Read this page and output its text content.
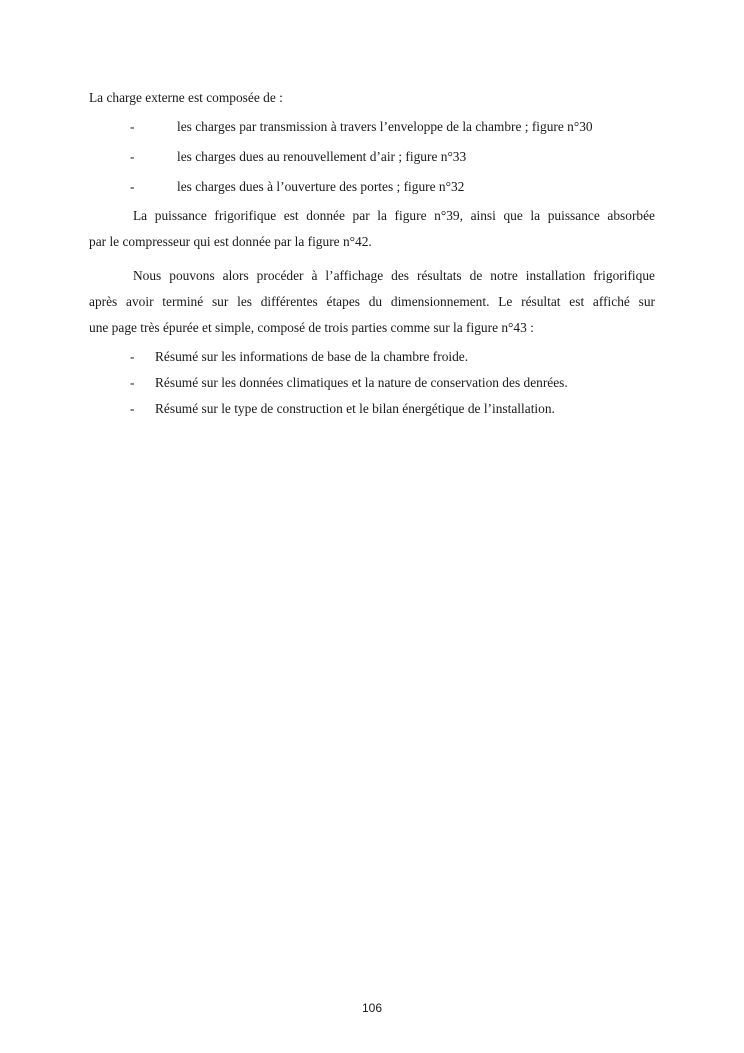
La charge externe est composée de :

-	les charges par transmission à travers l’enveloppe de la chambre ; figure n°30
-	les charges dues au renouvellement d’air ; figure n°33
-	les charges dues à l’ouverture des portes ; figure n°32
La puissance frigorifique est donnée par la figure n°39, ainsi que la puissance absorbée
par le compresseur qui est donnée par la figure n°42.
Nous pouvons alors procéder à l’affichage des résultats de notre installation frigorifique
après avoir terminé sur les différentes étapes du dimensionnement. Le résultat est affiché sur
une page très épurée et simple, composé de trois parties comme sur la figure n°43 :
- Résumé sur les informations de base de la chambre froide.
- Résumé sur les données climatiques et la nature de conservation des denrées.
- Résumé sur le type de construction et le bilan énergétique de l’installation.
106
